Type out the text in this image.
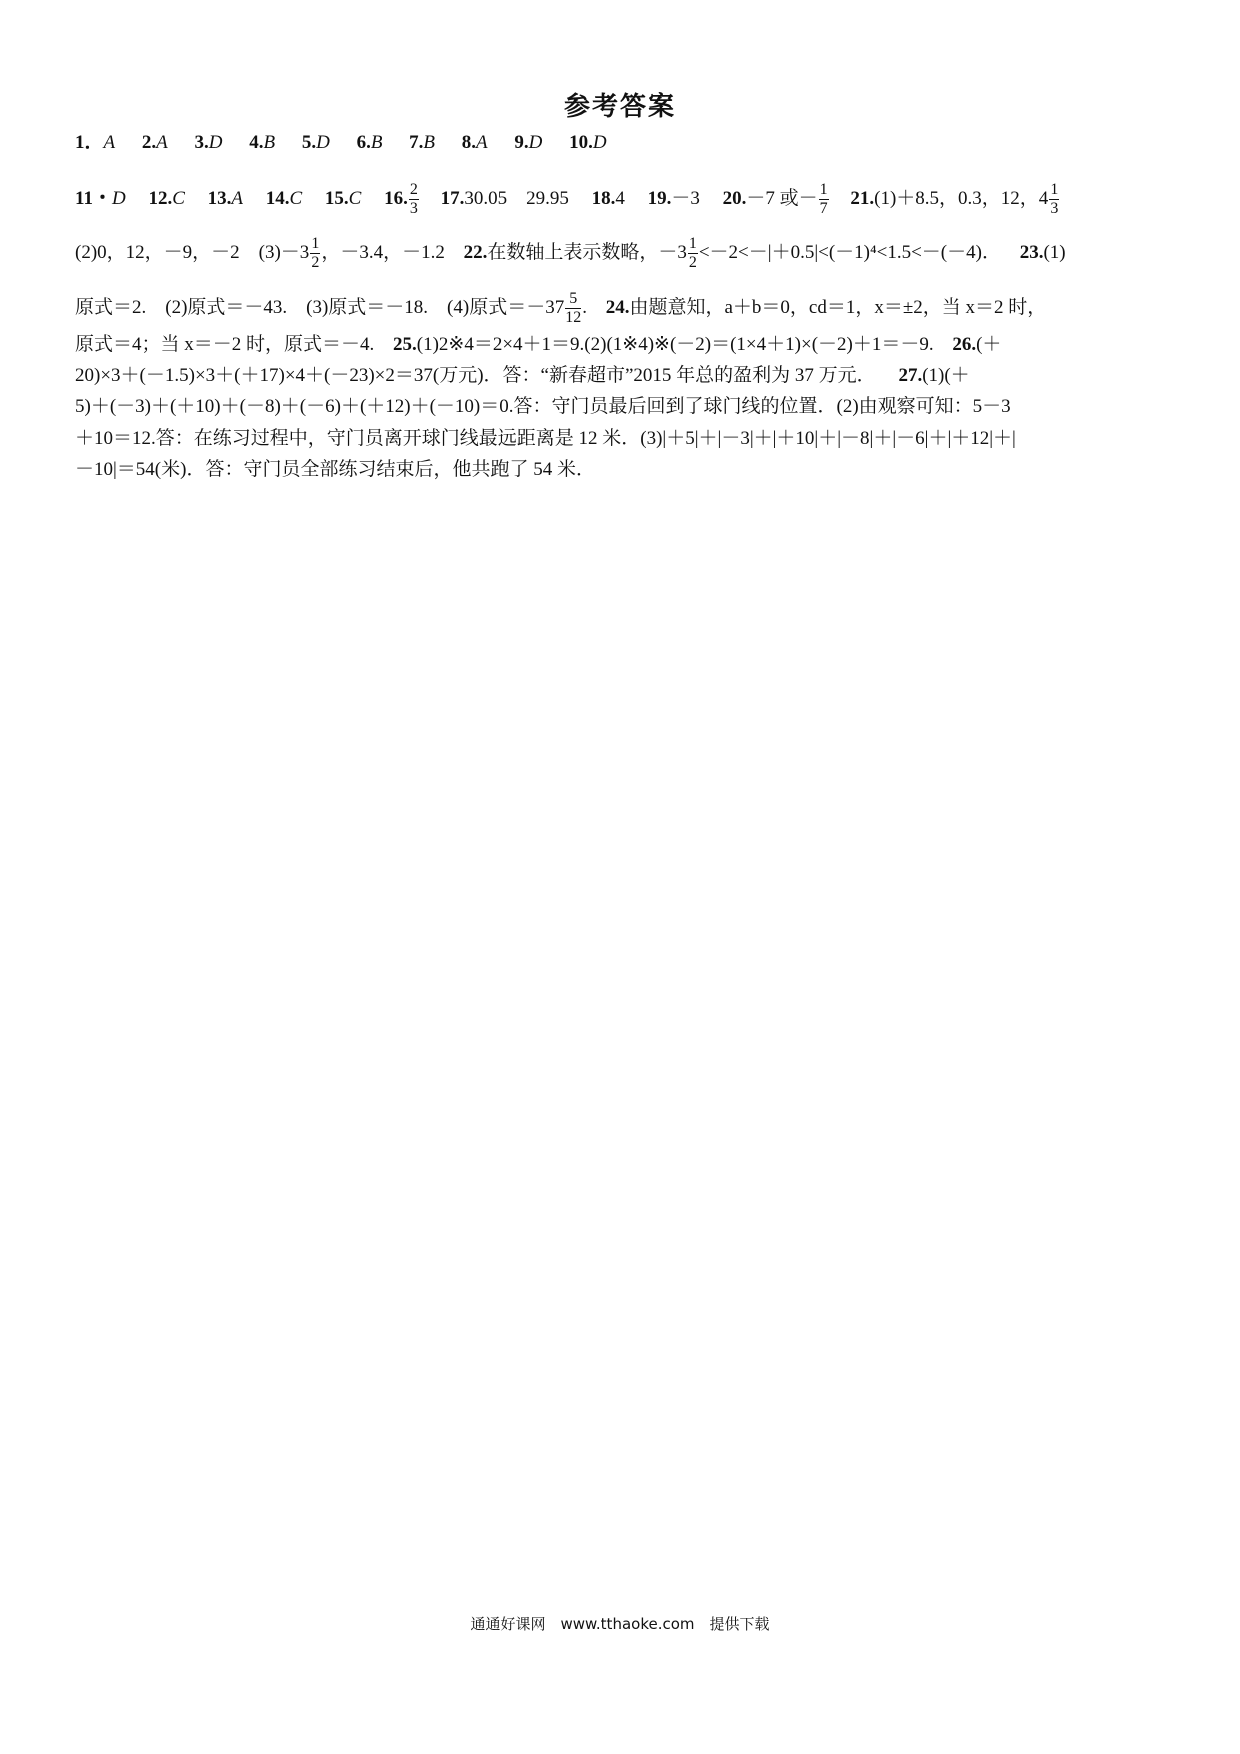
参考答案
1．A 2.A 3.D 4.B 5.D 6.B 7.B 8.A 9.D 10.D
11・D 12.C 13.A 14.C 15.C 16. $\frac{2}{3} 17.30.05$　29.95 18.4 19.－3 20.－7 或－ $\frac{1}{7} 21.(1)+8.5$，0.3，12，$4 \frac{1}{3}$
(2)0，12，－9，－2　$(3)-3 \frac{1}{2}$ ，－3.4，－1.2 22.在数轴上表示数略，$-3 \frac{1}{2} <-2<-|+0.5|<(-1)^4<1.5<-(-4)$． 23.(1)
原式＝2.　(2)原式＝－43.　(3)原式＝－18.　(4)原式$=-37 \frac{5}{12}$ . 24.由题意知，a＋b＝0，cd＝1，x＝±2，当 x＝2 时，
原式＝4；当 x＝－2 时，原式＝－4. 25.(1)2※4＝2×4＋1＝9.(2)(1※4)※(－2)＝(1×4＋1)×(－2)＋1＝－9. 26.(＋
20)×3＋(－1.5)×3＋(＋17)×4＋(－23)×2＝37(万元)．答：“新春超市”2015 年总的盈利为 37 万元． 27.(1)(＋
5)＋(－3)＋(＋10)＋(－8)＋(－6)＋(＋12)＋(－10)＝0.答：守门员最后回到了球门线的位置．(2)由观察可知：5－3
＋10＝12.答：在练习过程中，守门员离开球门线最远距离是 12 米．(3)|＋5|＋|－3|＋|＋10|＋|－8|＋|－6|＋|＋12|＋|
－10|＝54(米)．答：守门员全部练习结束后，他共跑了 54 米．
通通好课网　www.tthaoke.com　提供下载
